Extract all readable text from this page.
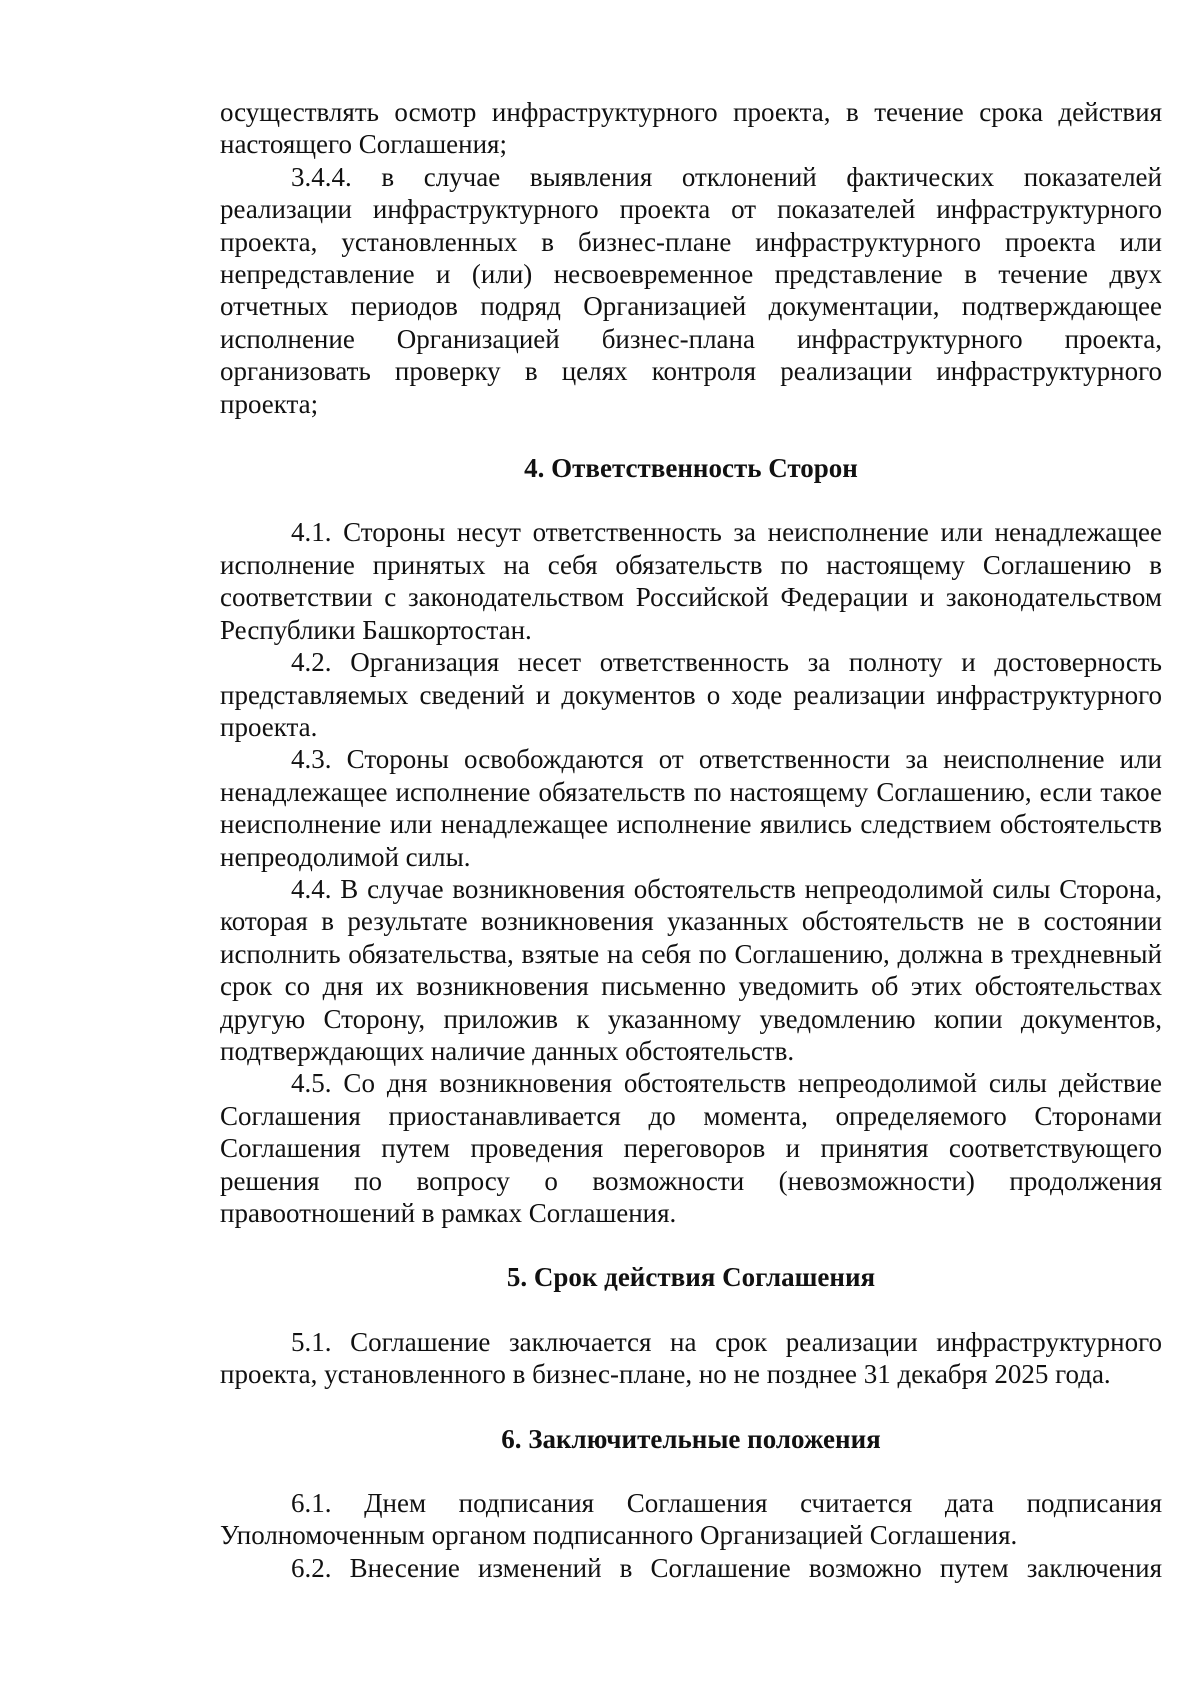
осуществлять осмотр инфраструктурного проекта, в течение срока действия настоящего Соглашения;

3.4.4. в случае выявления отклонений фактических показателей реализации инфраструктурного проекта от показателей инфраструктурного проекта, установленных в бизнес-плане инфраструктурного проекта или непредставление и (или) несвоевременное представление в течение двух отчетных периодов подряд Организацией документации, подтверждающее исполнение Организацией бизнес-плана инфраструктурного проекта, организовать проверку в целях контроля реализации инфраструктурного проекта;

4. Ответственность Сторон

4.1. Стороны несут ответственность за неисполнение или ненадлежащее исполнение принятых на себя обязательств по настоящему Соглашению в соответствии с законодательством Российской Федерации и законодательством Республики Башкортостан.

4.2. Организация несет ответственность за полноту и достоверность представляемых сведений и документов о ходе реализации инфраструктурного проекта.

4.3. Стороны освобождаются от ответственности за неисполнение или ненадлежащее исполнение обязательств по настоящему Соглашению, если такое неисполнение или ненадлежащее исполнение явились следствием обстоятельств непреодолимой силы.

4.4. В случае возникновения обстоятельств непреодолимой силы Сторона, которая в результате возникновения указанных обстоятельств не в состоянии исполнить обязательства, взятые на себя по Соглашению, должна в трехдневный срок со дня их возникновения письменно уведомить об этих обстоятельствах другую Сторону, приложив к указанному уведомлению копии документов, подтверждающих наличие данных обстоятельств.

4.5. Со дня возникновения обстоятельств непреодолимой силы действие Соглашения приостанавливается до момента, определяемого Сторонами Соглашения путем проведения переговоров и принятия соответствующего решения по вопросу о возможности (невозможности) продолжения правоотношений в рамках Соглашения.

5. Срок действия Соглашения

5.1. Соглашение заключается на срок реализации инфраструктурного проекта, установленного в бизнес-плане, но не позднее 31 декабря 2025 года.

6. Заключительные положения

6.1. Днем подписания Соглашения считается дата подписания Уполномоченным органом подписанного Организацией Соглашения.

6.2. Внесение изменений в Соглашение возможно путем заключения
